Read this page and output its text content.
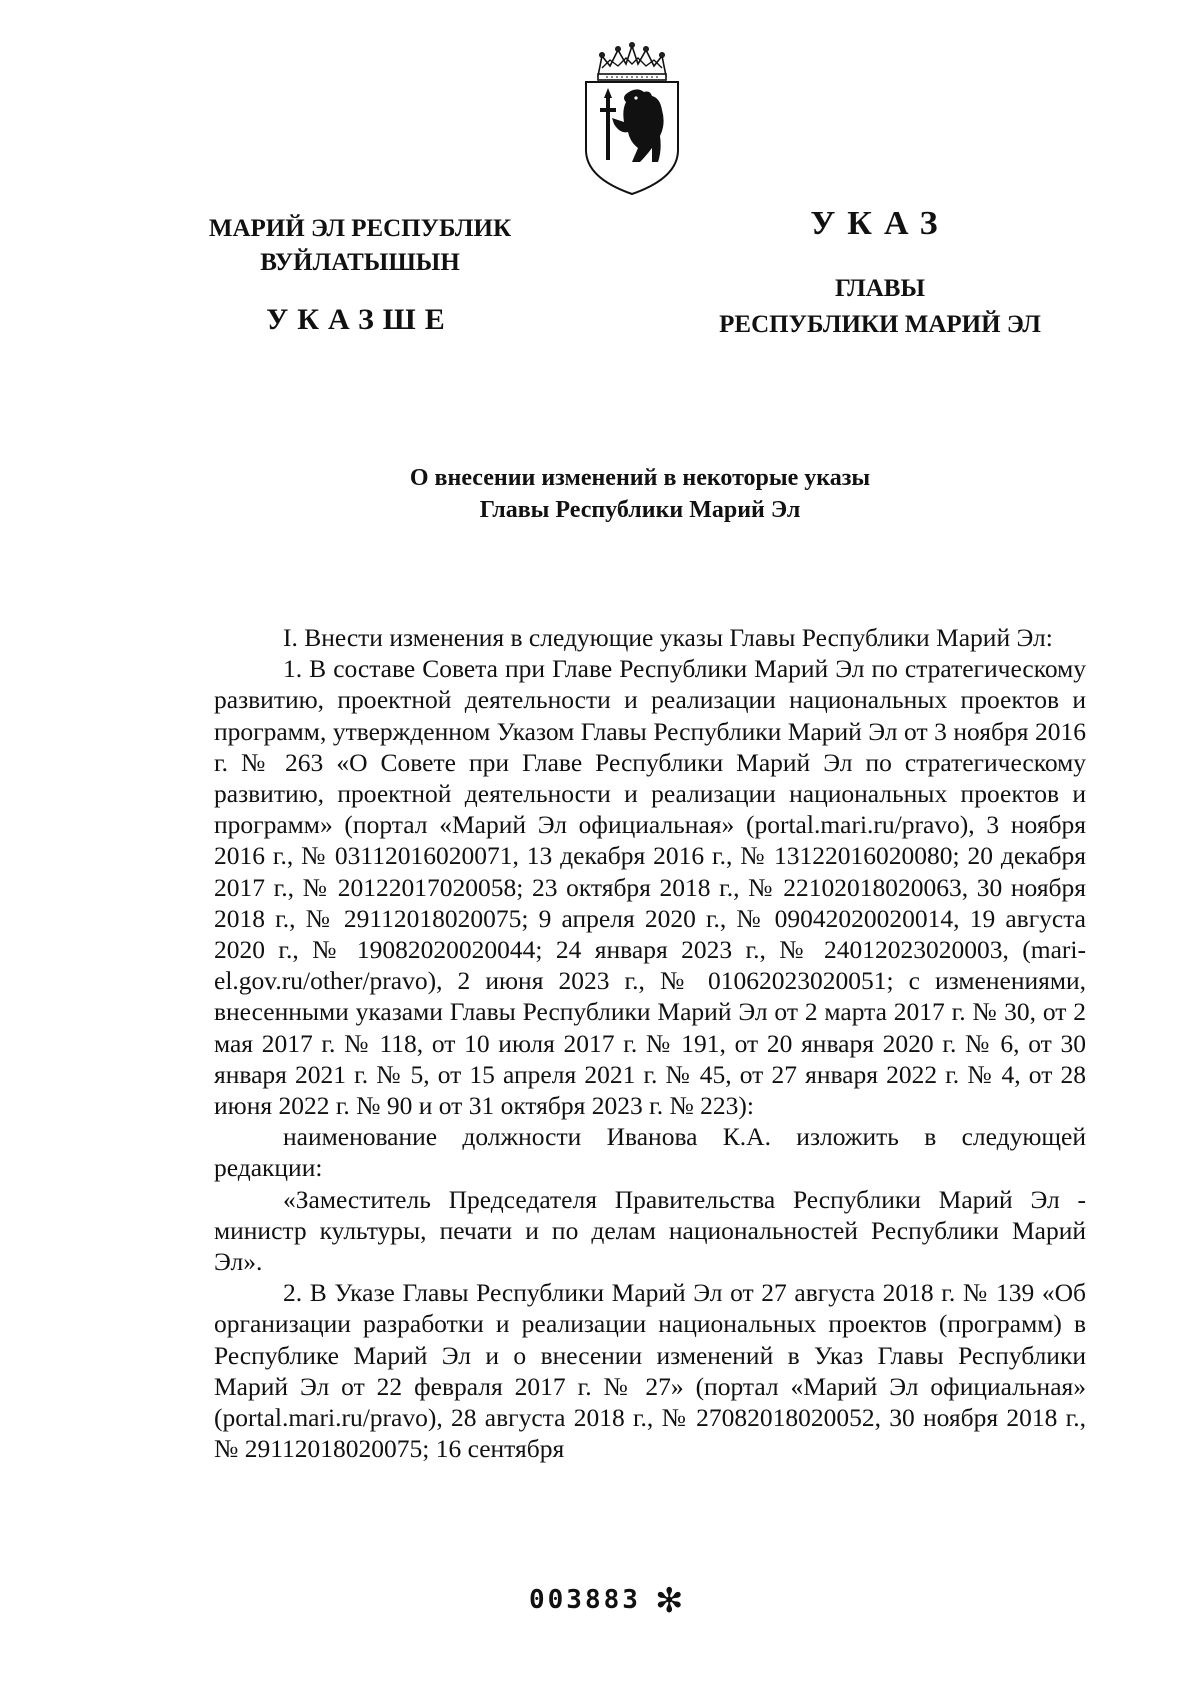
МАРИЙ ЭЛ РЕСПУБЛИК
ВУЙЛАТЫШЫН
УКАЗШЕ
УКАЗ
ГЛАВЫ
РЕСПУБЛИКИ МАРИЙ ЭЛ
О внесении изменений в некоторые указы
Главы Республики Марий Эл

I. Внести изменения в следующие указы Главы Республики Марий Эл:

1. В составе Совета при Главе Республики Марий Эл по стратегическому развитию, проектной деятельности и реализации национальных проектов и программ, утвержденном Указом Главы Республики Марий Эл от 3 ноября 2016 г. № 263 «О Совете при Главе Республики Марий Эл по стратегическому развитию, проектной деятельности и реализации национальных проектов и программ» (портал «Марий Эл официальная» (portal.mari.ru/pravo), 3 ноября 2016 г., № 03112016020071, 13 декабря 2016 г., № 13122016020080; 20 декабря 2017 г., № 20122017020058; 23 октября 2018 г., № 22102018020063, 30 ноября 2018 г., № 29112018020075; 9 апреля 2020 г., № 09042020020014, 19 августа 2020 г., № 19082020020044; 24 января 2023 г., № 24012023020003, (mari-el.gov.ru/other/pravo), 2 июня 2023 г., № 01062023020051; с изменениями, внесенными указами Главы Республики Марий Эл от 2 марта 2017 г. № 30, от 2 мая 2017 г. № 118, от 10 июля 2017 г. № 191, от 20 января 2020 г. № 6, от 30 января 2021 г. № 5, от 15 апреля 2021 г. № 45, от 27 января 2022 г. № 4, от 28 июня 2022 г. № 90 и от 31 октября 2023 г. № 223):

наименование должности Иванова К.А. изложить в следующей редакции:

«Заместитель Председателя Правительства Республики Марий Эл - министр культуры, печати и по делам национальностей Республики Марий Эл».

2. В Указе Главы Республики Марий Эл от 27 августа 2018 г. № 139 «Об организации разработки и реализации национальных проектов (программ) в Республике Марий Эл и о внесении изменений в Указ Главы Республики Марий Эл от 22 февраля 2017 г. № 27» (портал «Марий Эл официальная» (portal.mari.ru/pravo), 28 августа 2018 г., № 27082018020052, 30 ноября 2018 г., № 29112018020075; 16 сентября

003883 ✻
